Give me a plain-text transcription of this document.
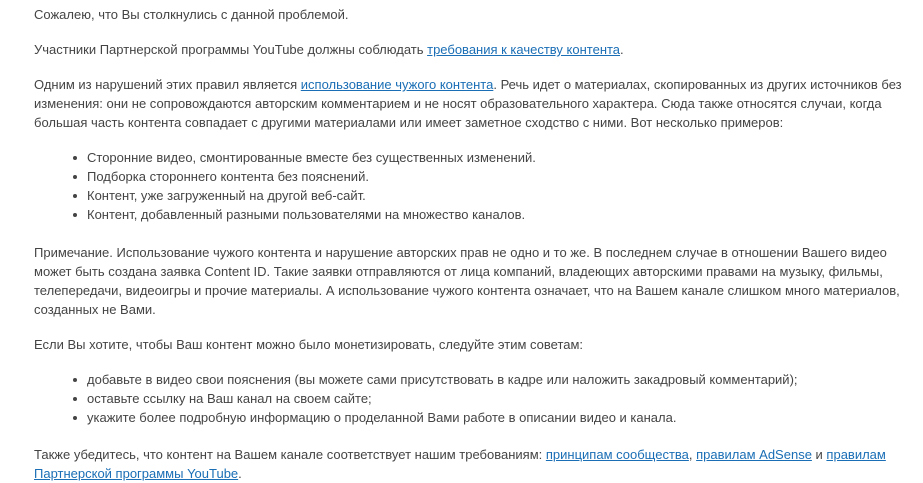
Сожалею, что Вы столкнулись с данной проблемой.

Участники Партнерской программы YouTube должны соблюдать требования к качеству контента.

Одним из нарушений этих правил является использование чужого контента. Речь идет о материалах, скопированных из других источников без изменения: они не сопровождаются авторским комментарием и не носят образовательного характера. Сюда также относятся случаи, когда большая часть контента совпадает с другими материалами или имеет заметное сходство с ними. Вот несколько примеров:

Сторонние видео, смонтированные вместе без существенных изменений.
Подборка стороннего контента без пояснений.
Контент, уже загруженный на другой веб-сайт.
Контент, добавленный разными пользователями на множество каналов.

Примечание. Использование чужого контента и нарушение авторских прав не одно и то же. В последнем случае в отношении Вашего видео может быть создана заявка Content ID. Такие заявки отправляются от лица компаний, владеющих авторскими правами на музыку, фильмы, телепередачи, видеоигры и прочие материалы. А использование чужого контента означает, что на Вашем канале слишком много материалов, созданных не Вами.

Если Вы хотите, чтобы Ваш контент можно было монетизировать, следуйте этим советам:

добавьте в видео свои пояснения (вы можете сами присутствовать в кадре или наложить закадровый комментарий);
оставьте ссылку на Ваш канал на своем сайте;
укажите более подробную информацию о проделанной Вами работе в описании видео и канала.

Также убедитесь, что контент на Вашем канале соответствует нашим требованиям: принципам сообщества, правилам AdSense и правилам Партнерской программы YouTube.
